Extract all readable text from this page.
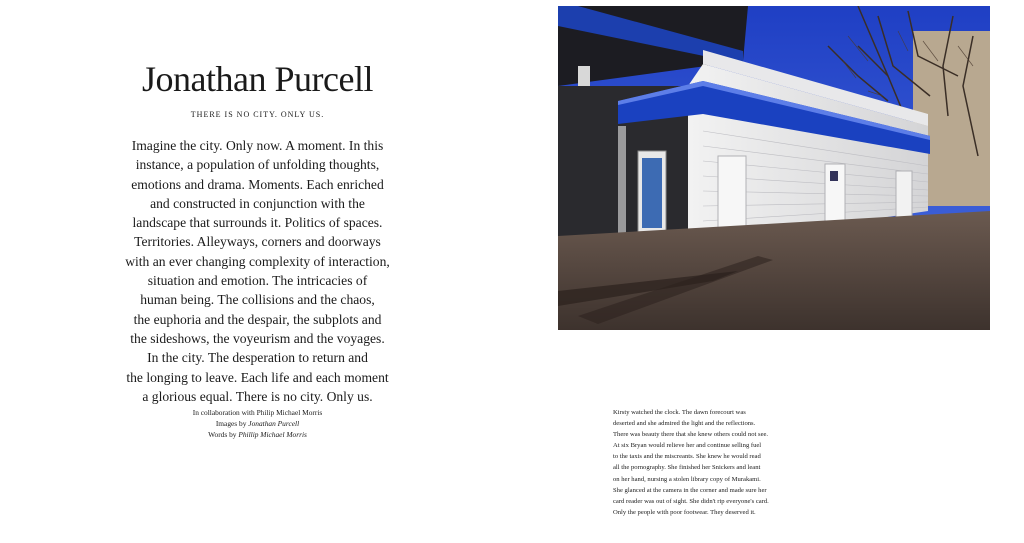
Jonathan Purcell
THERE IS NO CITY. ONLY US.
Imagine the city. Only now. A moment. In this
instance, a population of unfolding thoughts,
emotions and drama. Moments. Each enriched
and constructed in conjunction with the
landscape that surrounds it. Politics of spaces.
Territories. Alleyways, corners and doorways
with an ever changing complexity of interaction,
situation and emotion. The intricacies of
human being. The collisions and the chaos,
the euphoria and the despair, the subplots and
the sideshows, the voyeurism and the voyages.
In the city. The desperation to return and
the longing to leave. Each life and each moment
a glorious equal. There is no city. Only us.
In collaboration with Philip Michael Morris
Images by Jonathan Purcell
Words by Phillip Michael Morris
Kirsty watched the clock. The dawn forecourt was
deserted and she admired the light and the reflections.
There was beauty there that she knew others could not see.
At six Bryan would relieve her and continue selling fuel
to the taxis and the miscreants. She knew he would read
all the pornography. She finished her Snickers and leant
on her hand, nursing a stolen library copy of Murakami.
She glanced at the camera in the corner and made sure her
card reader was out of sight. She didn't rip everyone's card.
Only the people with poor footwear. They deserved it.
